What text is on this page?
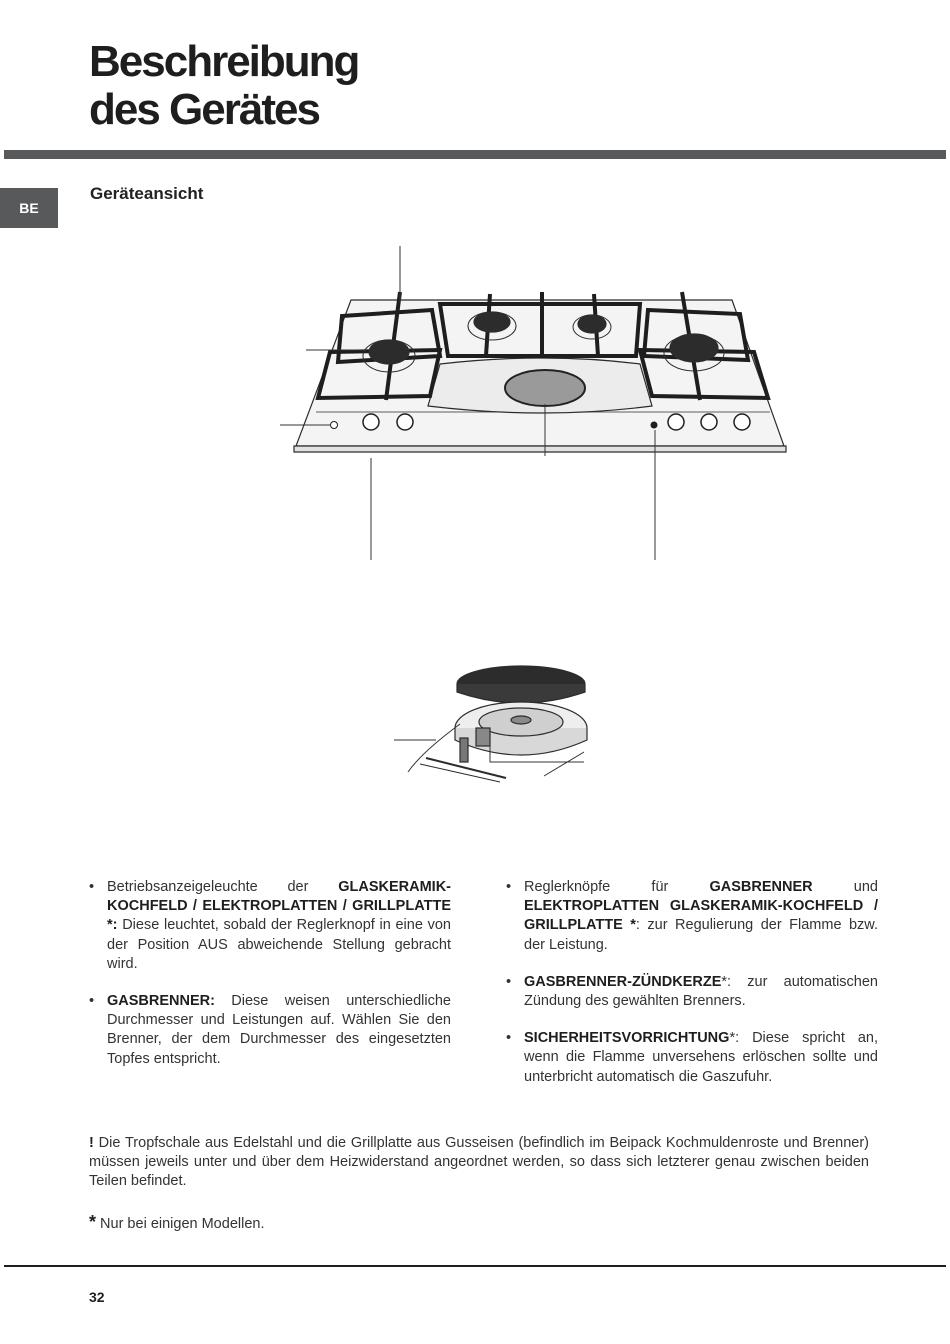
Beschreibung
des Gerätes
BE
Geräteansicht

• Betriebsanzeigeleuchte der GLASKERAMIK-KOCHFELD / ELEKTROPLATTEN / GRILLPLATTE *: Diese leuchtet, sobald der Reglerknopf in eine von der Position AUS abweichende Stellung gebracht wird.

• GASBRENNER: Diese weisen unterschiedliche Durchmesser und Leistungen auf. Wählen Sie den Brenner, der dem Durchmesser des eingesetzten Topfes entspricht.

• Reglerknöpfe für GASBRENNER und ELEKTROPLATTEN GLASKERAMIK-KOCHFELD / GRILLPLATTE *: zur Regulierung der Flamme bzw. der Leistung.

• GASBRENNER-ZÜNDKERZE*: zur automatischen Zündung des gewählten Brenners.

• SICHERHEITSVORRICHTUNG*: Diese spricht an, wenn die Flamme unversehens erlöschen sollte und unterbricht automatisch die Gaszufuhr.

! Die Tropfschale aus Edelstahl und die Grillplatte aus Gusseisen (befindlich im Beipack Kochmuldenroste und Brenner) müssen jeweils unter und über dem Heizwiderstand angeordnet werden, so dass sich letzterer genau zwischen beiden Teilen befindet.

* Nur bei einigen Modellen.

32
